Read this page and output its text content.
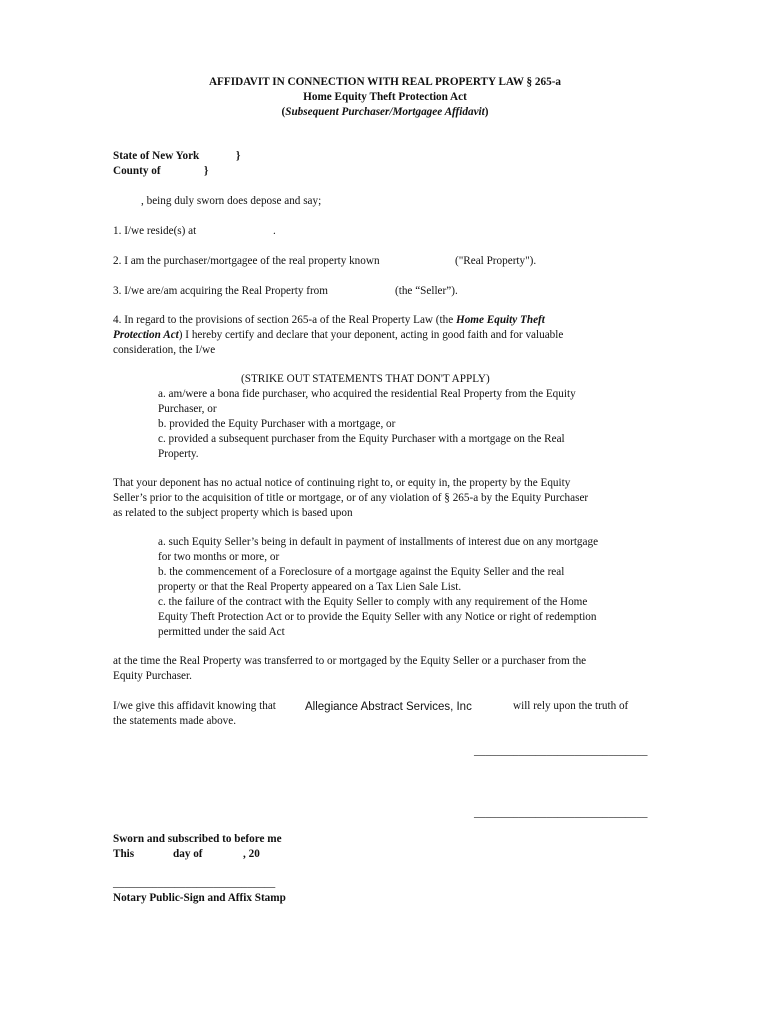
AFFIDAVIT IN CONNECTION WITH REAL PROPERTY LAW § 265-a
Home Equity Theft Protection Act
(Subsequent Purchaser/Mortgagee Affidavit)
State of New York	}
County of	}
, being duly sworn does depose and say;
1. I/we reside(s) at	.
2. I am the purchaser/mortgagee of the real property known	("Real Property").
3. I/we are/am acquiring the Real Property from	(the “Seller”).
4. In regard to the provisions of section 265-a of the Real Property Law (the Home Equity Theft
Protection Act) I hereby certify and declare that your deponent, acting in good faith and for valuable
consideration, the I/we
(STRIKE OUT STATEMENTS THAT DON'T APPLY)
a. am/were a bona fide purchaser, who acquired the residential Real Property from the Equity
Purchaser, or
b. provided the Equity Purchaser with a mortgage, or
c. provided a subsequent purchaser from the Equity Purchaser with a mortgage on the Real
Property.
That your deponent has no actual notice of continuing right to, or equity in, the property by the Equity
Seller’s prior to the acquisition of title or mortgage, or of any violation of § 265-a by the Equity Purchaser
as related to the subject property which is based upon
a. such Equity Seller’s being in default in payment of installments of interest due on any mortgage
for two months or more, or
b. the commencement of a Foreclosure of a mortgage against the Equity Seller and the real
property or that the Real Property appeared on a Tax Lien Sale List.
c. the failure of the contract with the Equity Seller to comply with any requirement of the Home
Equity Theft Protection Act or to provide the Equity Seller with any Notice or right of redemption
permitted under the said Act
at the time the Real Property was transferred to or mortgaged by the Equity Seller or a purchaser from the
Equity Purchaser.
I/we give this affidavit knowing that	Allegiance Abstract Services, Inc	will rely upon the truth of
the statements made above.
_______________________________
_______________________________
Sworn and subscribed to before me
This	day of	, 20
_____________________________
Notary Public-Sign and Affix Stamp
